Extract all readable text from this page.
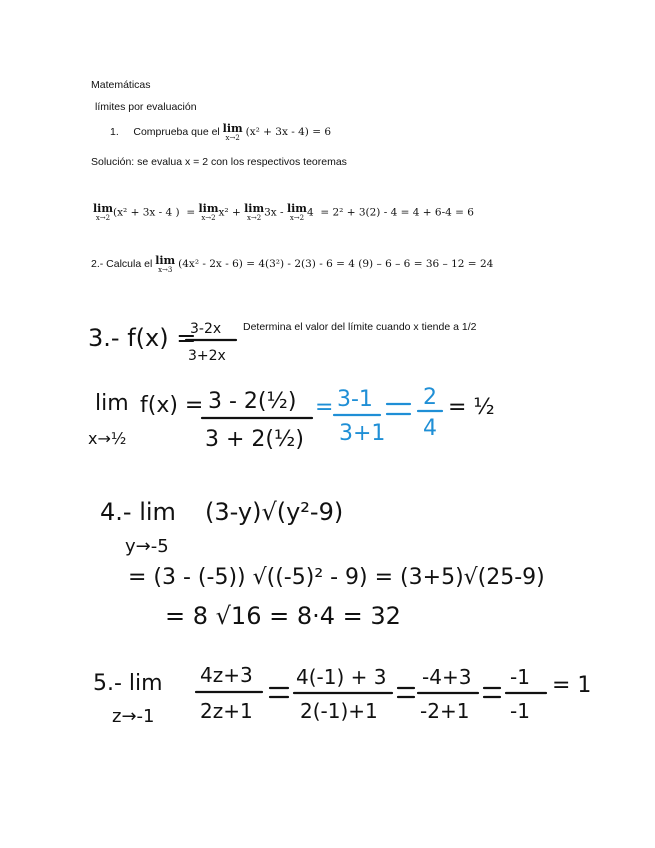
Matemáticas
límites por evaluación
1. Comprueba que el lim
x→2 (x² + 3x - 4) = 6
Solución: se evalua x = 2 con los respectivos teoremas
lim
x→2 (x² + 3x - 4 ) = lim
x→2 x² + lim
x→2 3x - lim
x→2 4 = 2² + 3(2) - 4 = 4 + 6-4 = 6
2.- Calcula el lim
x→3 (4x² - 2x - 6) = 4(3²) - 2(3) - 6 = 4 (9) – 6 – 6 = 36 – 12 = 24
Determina el valor del límite cuando x tiende a 1/2
3.- f(x) =
3-2x
3+2x
lim
x→½
f(x) = 3 - 2(½)
3 + 2(½)
= 3-1
3+1
2
4
= ½
4.- lim (3-y)√(y²-9)
y→-5
= (3 - (-5)) √((-5)² - 9) = (3+5)√(25-9)
= 8 √16 = 8·4 = 32
5.- lim
z→-1
4z+3
2z+1
4(-1) + 3
2(-1)+1
-4+3
-2+1
-1
-1
= 1
